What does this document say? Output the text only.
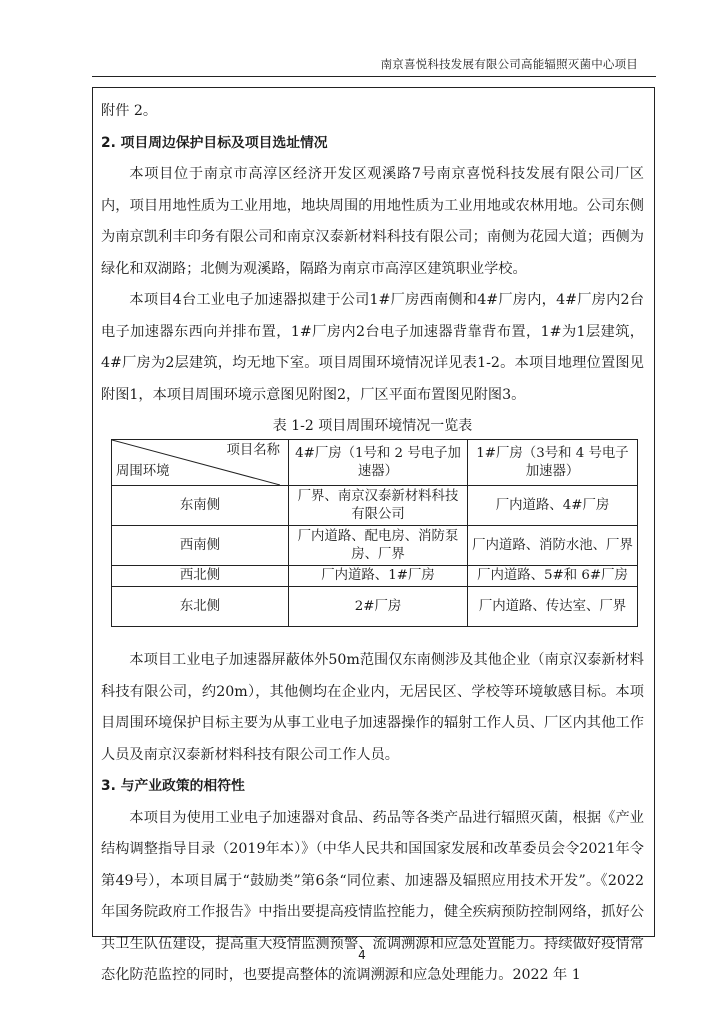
南京喜悦科技发展有限公司高能辐照灭菌中心项目

附件 2。

2. 项目周边保护目标及项目选址情况

本项目位于南京市高淳区经济开发区观溪路7号南京喜悦科技发展有限公司厂区内，项目用地性质为工业用地，地块周围的用地性质为工业用地或农林用地。公司东侧为南京凯利丰印务有限公司和南京汉泰新材料科技有限公司；南侧为花园大道；西侧为绿化和双湖路；北侧为观溪路，隔路为南京市高淳区建筑职业学校。

本项目4台工业电子加速器拟建于公司1#厂房西南侧和4#厂房内，4#厂房内2台电子加速器东西向并排布置，1#厂房内2台电子加速器背靠背布置，1#为1层建筑，4#厂房为2层建筑，均无地下室。项目周围环境情况详见表1-2。本项目地理位置图见附图1，本项目周围环境示意图见附图2，厂区平面布置图见附图3。

表 1-2 项目周围环境情况一览表
项目名称
周围环境	4#厂房（1号和 2 号电子加速器）	1#厂房（3号和 4 号电子加速器）
东南侧	厂界、南京汉泰新材料科技有限公司	厂内道路、4#厂房
西南侧	厂内道路、配电房、消防泵房、厂界	厂内道路、消防水池、厂界
西北侧	厂内道路、1#厂房	厂内道路、5#和 6#厂房
东北侧	2#厂房	厂内道路、传达室、厂界

本项目工业电子加速器屏蔽体外50m范围仅东南侧涉及其他企业（南京汉泰新材料科技有限公司，约20m），其他侧均在企业内，无居民区、学校等环境敏感目标。本项目周围环境保护目标主要为从事工业电子加速器操作的辐射工作人员、厂区内其他工作人员及南京汉泰新材料科技有限公司工作人员。

3. 与产业政策的相符性

本项目为使用工业电子加速器对食品、药品等各类产品进行辐照灭菌，根据《产业结构调整指导目录（2019年本）》（中华人民共和国国家发展和改革委员会令2021年令第49号），本项目属于“鼓励类”第6条“同位素、加速器及辐照应用技术开发”。《2022年国务院政府工作报告》中指出要提高疫情监控能力，健全疾病预防控制网络，抓好公共卫生队伍建设，提高重大疫情监测预警、流调溯源和应急处置能力。持续做好疫情常态化防范监控的同时，也要提高整体的流调溯源和应急处理能力。2022 年 1

4
